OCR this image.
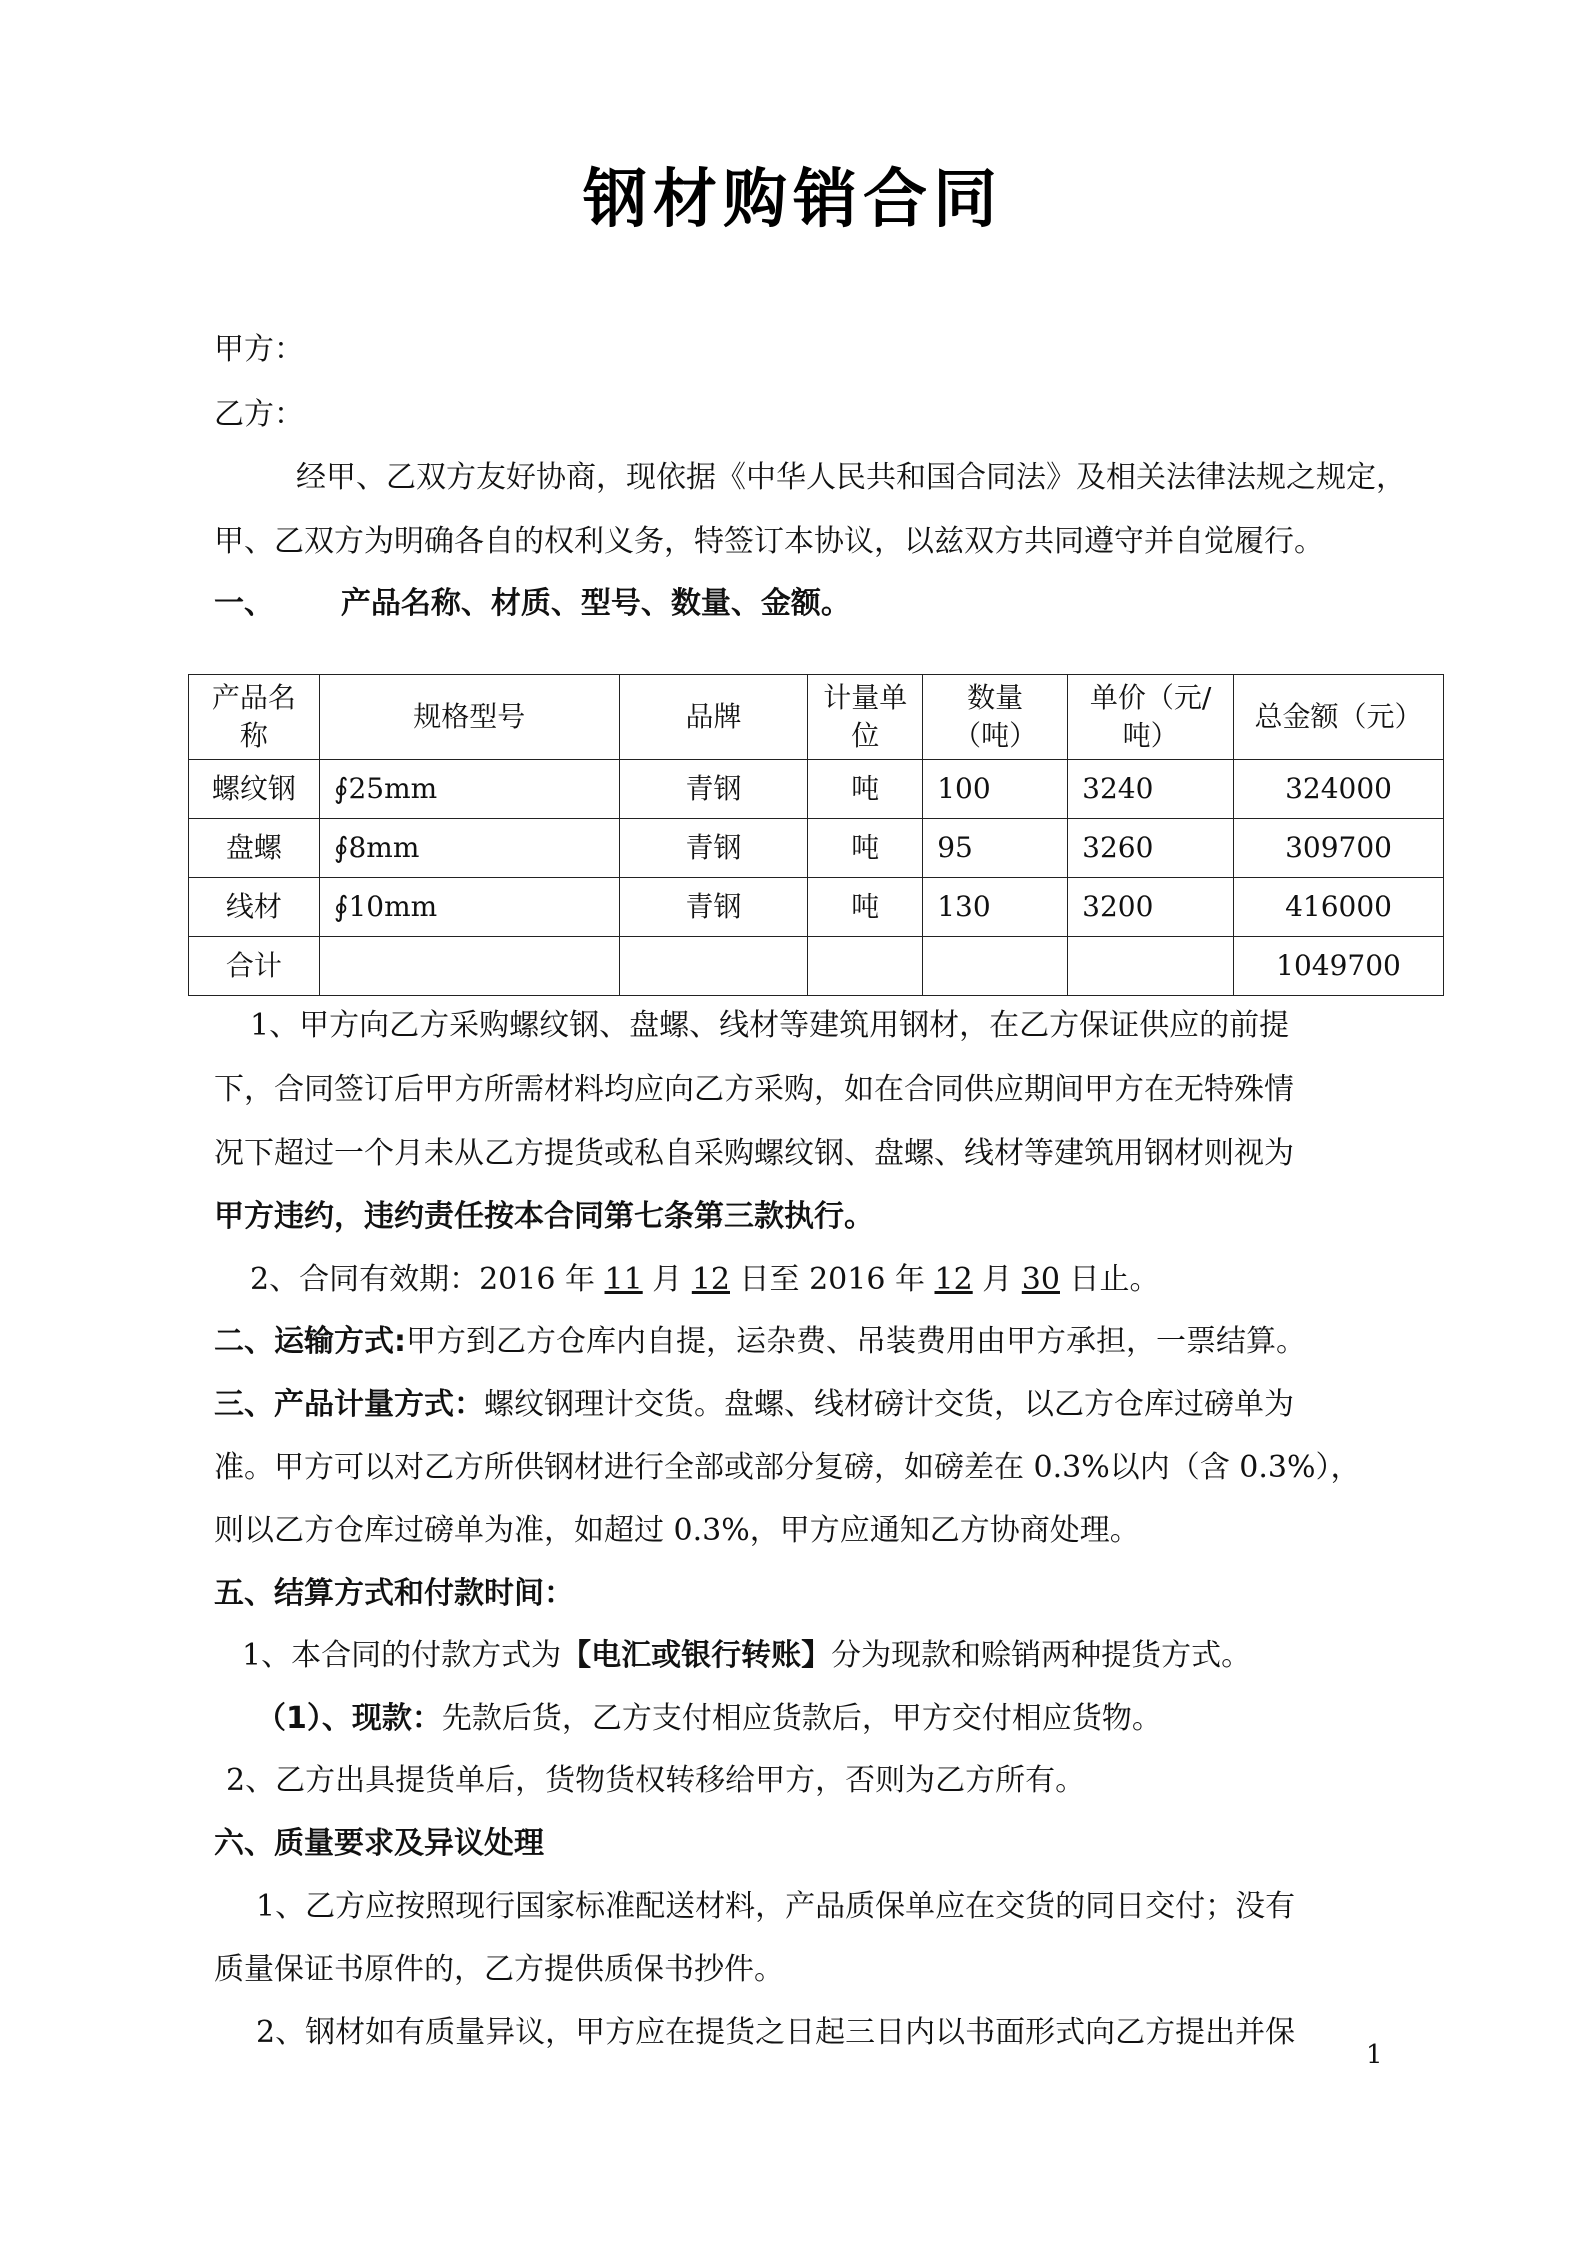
钢材购销合同
甲方：
乙方：
经甲、乙双方友好协商，现依据《中华人民共和国合同法》及相关法律法规之规定，
甲、乙双方为明确各自的权利义务，特签订本协议，以兹双方共同遵守并自觉履行。
一、 产品名称、材质、型号、数量、金额。
产品名称	规格型号	品牌	计量单位	数量（吨）	单价（元/吨）	总金额（元）
螺纹钢	∮25mm	青钢	吨	100	3240	324000
盘螺	∮8mm	青钢	吨	95	3260	309700
线材	∮10mm	青钢	吨	130	3200	416000
合计						1049700
1、甲方向乙方采购螺纹钢、盘螺、线材等建筑用钢材，在乙方保证供应的前提
下，合同签订后甲方所需材料均应向乙方采购，如在合同供应期间甲方在无特殊情
况下超过一个月未从乙方提货或私自采购螺纹钢、盘螺、线材等建筑用钢材则视为
甲方违约，违约责任按本合同第七条第三款执行。
2、合同有效期：2016 年 11 月 12 日至 2016 年 12 月 30 日止。
二、运输方式:甲方到乙方仓库内自提，运杂费、吊装费用由甲方承担，一票结算。
三、产品计量方式：螺纹钢理计交货。盘螺、线材磅计交货，以乙方仓库过磅单为
准。甲方可以对乙方所供钢材进行全部或部分复磅，如磅差在 0.3%以内（含 0.3%），
则以乙方仓库过磅单为准，如超过 0.3%，甲方应通知乙方协商处理。
五、结算方式和付款时间：
1、本合同的付款方式为【电汇或银行转账】分为现款和赊销两种提货方式。
（1）、现款：先款后货，乙方支付相应货款后，甲方交付相应货物。
2、乙方出具提货单后，货物货权转移给甲方，否则为乙方所有。
六、质量要求及异议处理
1、乙方应按照现行国家标准配送材料，产品质保单应在交货的同日交付；没有
质量保证书原件的，乙方提供质保书抄件。
2、钢材如有质量异议，甲方应在提货之日起三日内以书面形式向乙方提出并保
1
